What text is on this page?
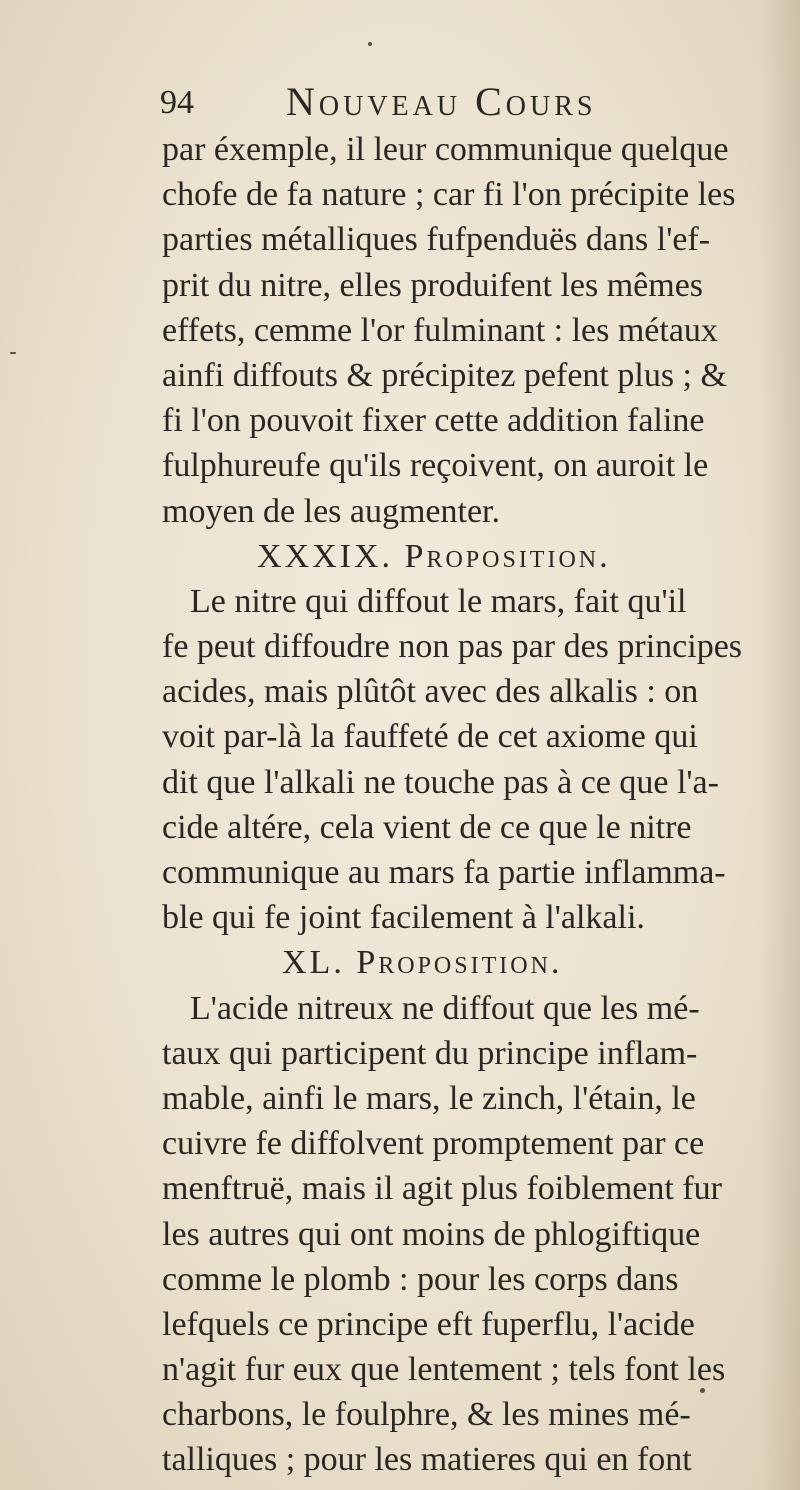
94 Nouveau Cours
par éxemple, il leur communique quelque
chofe de fa nature ; car fi l'on précipite les
parties métalliques fufpenduës dans l'ef-
prit du nitre, elles produifent les mêmes
effets, cemme l'or fulminant : les métaux
ainfi diffouts & précipitez pefent plus ; &
fi l'on pouvoit fixer cette addition faline
fulphureufe qu'ils reçoivent, on auroit le
moyen de les augmenter.
XXXIX. Proposition.
Le nitre qui diffout le mars, fait qu'il
fe peut diffoudre non pas par des principes
acides, mais plûtôt avec des alkalis : on
voit par-là la fauffeté de cet axiome qui
dit que l'alkali ne touche pas à ce que l'a-
cide altére, cela vient de ce que le nitre
communique au mars fa partie inflamma-
ble qui fe joint facilement à l'alkali.
XL. Proposition.
L'acide nitreux ne diffout que les mé-
taux qui participent du principe inflam-
mable, ainfi le mars, le zinch, l'étain, le
cuivre fe diffolvent promptement par ce
menftruë, mais il agit plus foiblement fur
les autres qui ont moins de phlogiftique
comme le plomb : pour les corps dans
lefquels ce principe eft fuperflu, l'acide
n'agit fur eux que lentement ; tels font les
charbons, le foulphre, & les mines mé-
talliques ; pour les matieres qui en font
